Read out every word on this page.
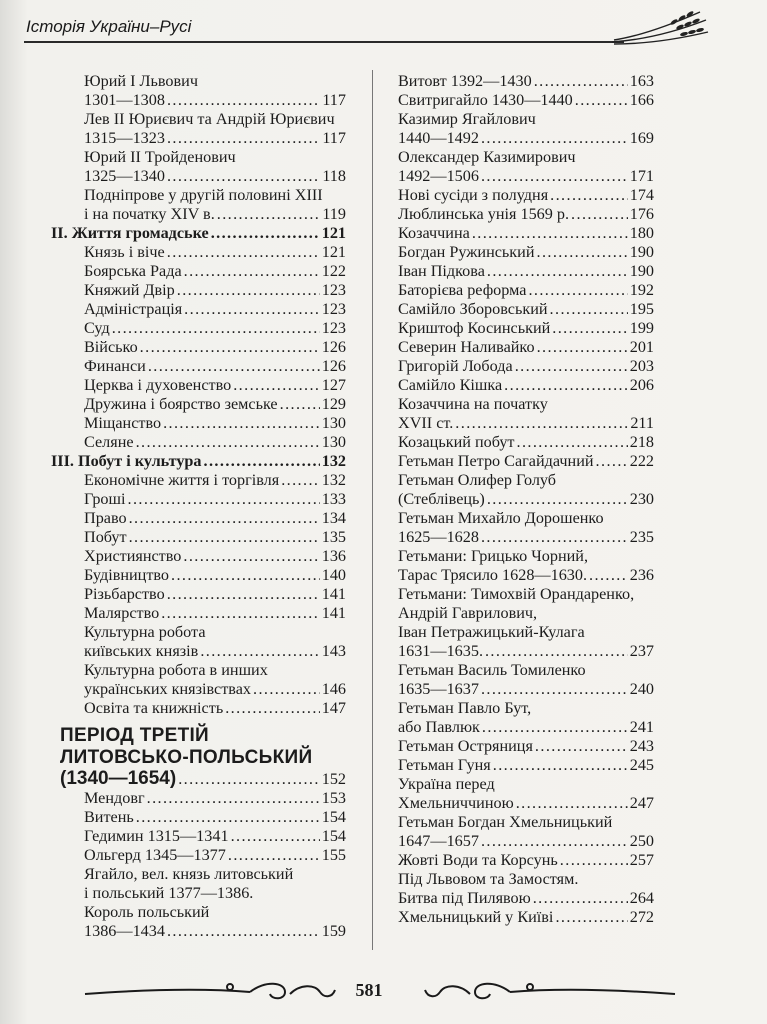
Історія України–Русі
Юрий I Львович
1301—1308 .....	117
Лев II Юриєвич та Андрій Юриєвич
1315—1323 .....	117
Юрий II Тройденович
1325—1340 .....	118
Подніпрове у другій половині XIII
і на початку XIV в. .....	119
II. Життя громадське .....	121
Князь і віче .....	121
Боярська Рада .....	122
Княжий Двір .....	123
Адміністрація .....	123
Суд .....	123
Військо .....	126
Финанси .....	126
Церква і духовенство .....	127
Дружина і боярство земське .....	129
Міщанство .....	130
Селяне .....	130
III. Побут і культура .....	132
Економічне життя і торгівля .....	132
Гроші .....	133
Право .....	134
Побут .....	135
Християнство .....	136
Будівництво .....	140
Різьбарство .....	141
Малярство .....	141
Культурна робота
київських князів .....	143
Культурна робота в инших
українських князівствах .....	146
Освіта та книжність .....	147
ПЕРІОД ТРЕТІЙ
ЛИТОВСЬКО-ПОЛЬСЬКИЙ
(1340—1654) .....	152
Мендовг .....	153
Витень .....	154
Гедимин 1315—1341 .....	154
Ольгерд 1345—1377 .....	155
Ягайло, вел. князь литовський
і польський 1377—1386.
Король польський
1386—1434 .....	159
Витовт 1392—1430 .....	163
Свитригайло 1430—1440 .....	166
Казимир Ягайлович
1440—1492 .....	169
Олександер Казимирович
1492—1506 .....	171
Нові сусіди з полудня .....	174
Люблинська унія 1569 р. .....	176
Козаччина .....	180
Богдан Ружинський .....	190
Іван Підкова .....	190
Баторієва реформа .....	192
Самійло Зборовський .....	195
Криштоф Косинський .....	199
Северин Наливайко .....	201
Григорій Лобода .....	203
Самійло Кішка .....	206
Козаччина на початку
XVII ст. .....	211
Козацький побут .....	218
Гетьман Петро Сагайдачний ..... 222
Гетьман Олифер Голуб
(Стеблівець) .....	230
Гетьман Михайло Дорошенко
1625—1628 .....	235
Гетьмани: Грицько Чорний,
Тарас Трясило 1628—1630. .....	236
Гетьмани: Тимохвій Орандаренко,
Андрій Гаврилович,
Іван Петражицький-Кулага
1631—1635. .....	237
Гетьман Василь Томиленко
1635—1637 .....	240
Гетьман Павло Бут,
або Павлюк .....	241
Гетьман Остряниця .....	243
Гетьман Гуня .....	245
Україна перед
Хмельниччиною .....	247
Гетьман Богдан Хмельницький
1647—1657 .....	250
Жовті Води та Корсунь .....	257
Під Львовом та Замостям.
Битва під Пилявою .....	264
Хмельницький у Київі .....	272
581
